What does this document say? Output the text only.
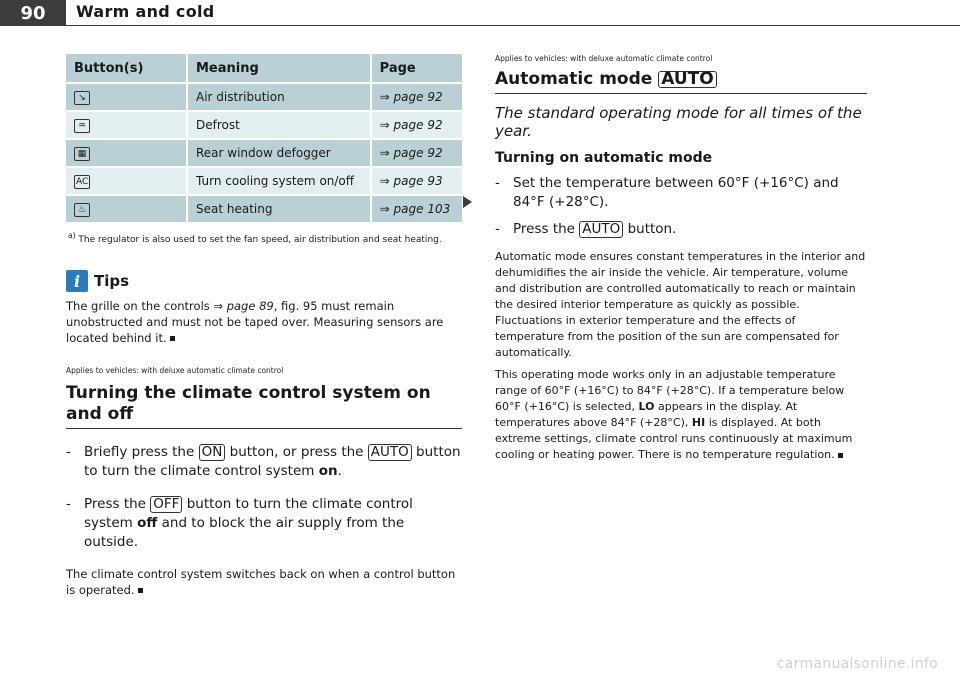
90	Warm and cold
Button(s)	Meaning	Page
↘	Air distribution	⇒ page 92
♒	Defrost	⇒ page 92
▦	Rear window defogger	⇒ page 92
AC	Turn cooling system on/off	⇒ page 93
♨	Seat heating	⇒ page 103
$^{a)}$ The regulator is also used to set the fan speed, air distribution and seat heating.
i Tips

The grille on the controls ⇒ page 89, fig. 95 must remain unobstructed and must not be taped over. Measuring sensors are located behind it.

Applies to vehicles: with deluxe automatic climate control
Turning the climate control system on and off
- Briefly press the ON button, or press the AUTO button to turn the climate control system on.
- Press the OFF button to turn the climate control system off and to block the air supply from the outside.

The climate control system switches back on when a control button is operated.

Applies to vehicles: with deluxe automatic climate control
Automatic mode AUTO
The standard operating mode for all times of the year.
Turning on automatic mode
- Set the temperature between 60°F (+16°C) and 84°F (+28°C).
- Press the AUTO button.

Automatic mode ensures constant temperatures in the interior and dehumidifies the air inside the vehicle. Air temperature, volume and distribution are controlled automatically to reach or maintain the desired interior temperature as quickly as possible. Fluctuations in exterior temperature and the effects of temperature from the position of the sun are compensated for automatically.

This operating mode works only in an adjustable temperature range of 60°F (+16°C) to 84°F (+28°C). If a temperature below 60°F (+16°C) is selected, LO appears in the display. At temperatures above 84°F (+28°C), HI is displayed. At both extreme settings, climate control runs continuously at maximum cooling or heating power. There is no temperature regulation.

carmanualsonline.info
